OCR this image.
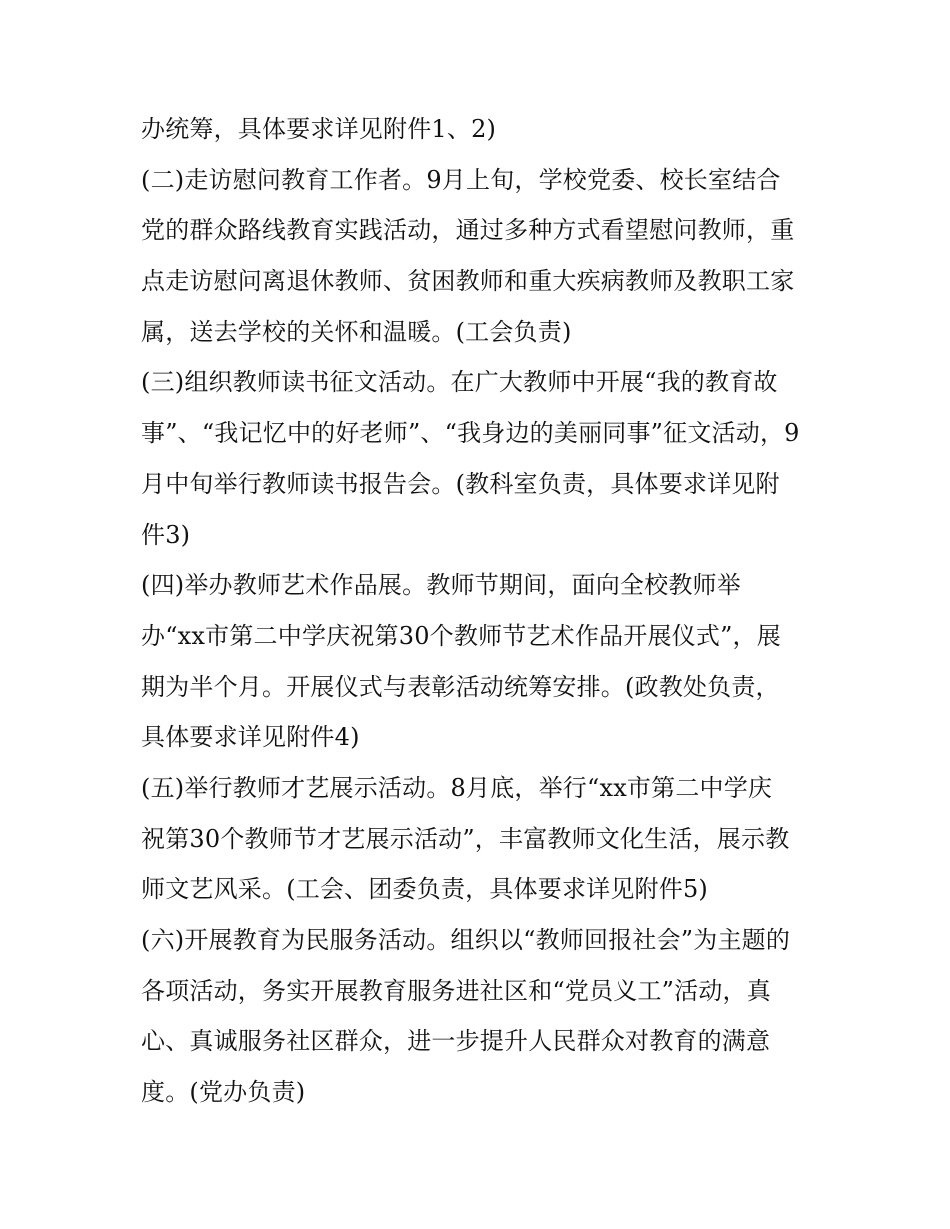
办统筹，具体要求详见附件1、2)
(二)走访慰问教育工作者。9月上旬，学校党委、校长室结合
党的群众路线教育实践活动，通过多种方式看望慰问教师，重
点走访慰问离退休教师、贫困教师和重大疾病教师及教职工家
属，送去学校的关怀和温暖。(工会负责)
(三)组织教师读书征文活动。在广大教师中开展“我的教育故
事”、“我记忆中的好老师”、“我身边的美丽同事”征文活动，9
月中旬举行教师读书报告会。(教科室负责，具体要求详见附
件3)
(四)举办教师艺术作品展。教师节期间，面向全校教师举
办“xx市第二中学庆祝第30个教师节艺术作品开展仪式”，展
期为半个月。开展仪式与表彰活动统筹安排。(政教处负责，
具体要求详见附件4)
(五)举行教师才艺展示活动。8月底，举行“xx市第二中学庆
祝第30个教师节才艺展示活动”，丰富教师文化生活，展示教
师文艺风采。(工会、团委负责，具体要求详见附件5)
(六)开展教育为民服务活动。组织以“教师回报社会”为主题的
各项活动，务实开展教育服务进社区和“党员义工”活动，真
心、真诚服务社区群众，进一步提升人民群众对教育的满意
度。(党办负责)
